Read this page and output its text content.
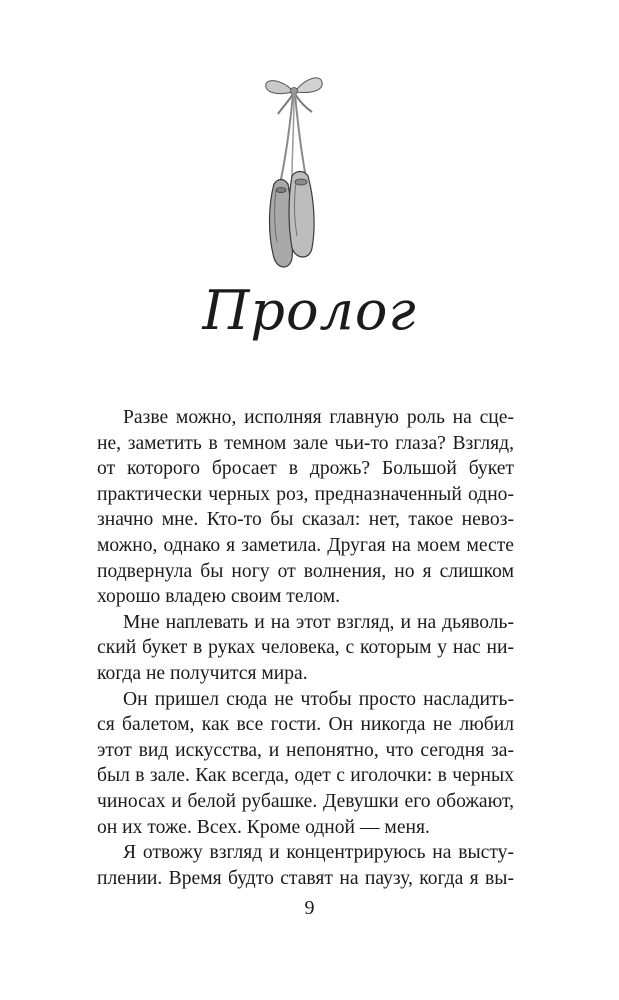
Пролог
Разве можно, исполняя главную роль на сце-
не, заметить в темном зале чьи-то глаза? Взгляд,
от которого бросает в дрожь? Большой букет
практически черных роз, предназначенный одно-
значно мне. Кто-то бы сказал: нет, такое невоз-
можно, однако я заметила. Другая на моем месте
подвернула бы ногу от волнения, но я слишком
хорошо владею своим телом.
Мне наплевать и на этот взгляд, и на дьяволь-
ский букет в руках человека, с которым у нас ни-
когда не получится мира.
Он пришел сюда не чтобы просто насладить-
ся балетом, как все гости. Он никогда не любил
этот вид искусства, и непонятно, что сегодня за-
был в зале. Как всегда, одет с иголочки: в черных
чиносах и белой рубашке. Девушки его обожают,
он их тоже. Всех. Кроме одной — меня.
Я отвожу взгляд и концентрируюсь на высту-
плении. Время будто ставят на паузу, когда я вы-
9
